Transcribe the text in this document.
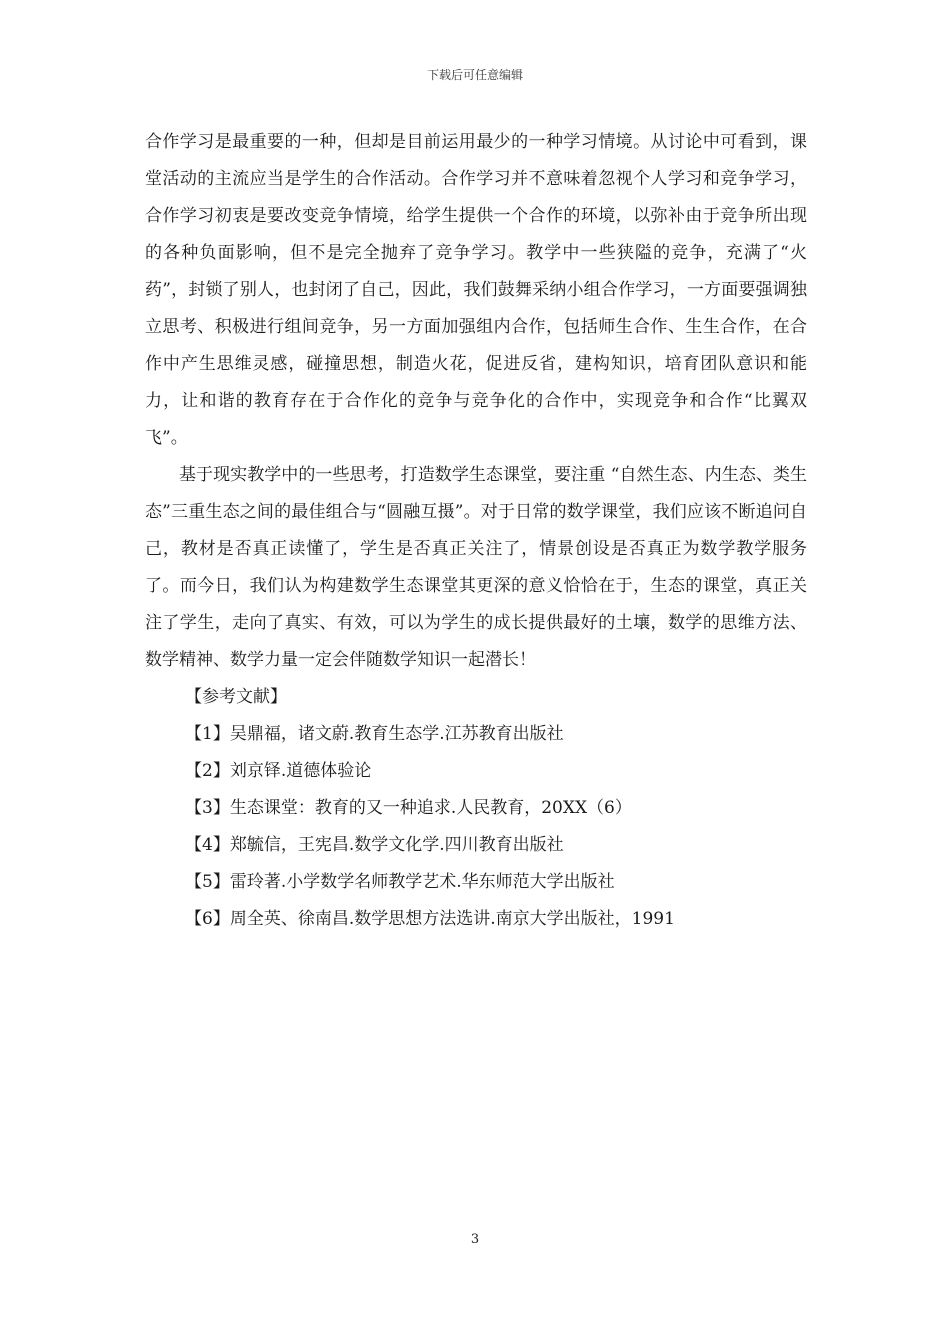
下载后可任意编辑

合作学习是最重要的一种，但却是目前运用最少的一种学习情境。从讨论中可看到，课堂活动的主流应当是学生的合作活动。合作学习并不意味着忽视个人学习和竞争学习，合作学习初衷是要改变竞争情境，给学生提供一个合作的环境，以弥补由于竞争所出现的各种负面影响，但不是完全抛弃了竞争学习。教学中一些狭隘的竞争，充满了“火药”，封锁了别人，也封闭了自己，因此，我们鼓舞采纳小组合作学习，一方面要强调独立思考、积极进行组间竞争，另一方面加强组内合作，包括师生合作、生生合作，在合作中产生思维灵感，碰撞思想，制造火花，促进反省，建构知识，培育团队意识和能力，让和谐的教育存在于合作化的竞争与竞争化的合作中，实现竞争和合作“比翼双飞”。

基于现实教学中的一些思考，打造数学生态课堂，要注重 “自然生态、内生态、类生态”三重生态之间的最佳组合与“圆融互摄”。对于日常的数学课堂，我们应该不断追问自己，教材是否真正读懂了，学生是否真正关注了，情景创设是否真正为数学教学服务了。而今日，我们认为构建数学生态课堂其更深的意义恰恰在于，生态的课堂，真正关注了学生，走向了真实、有效，可以为学生的成长提供最好的土壤，数学的思维方法、数学精神、数学力量一定会伴随数学知识一起潜长！

【参考文献】

【1】吴鼎福，诸文蔚.教育生态学.江苏教育出版社

【2】刘京铎.道德体验论

【3】生态课堂：教育的又一种追求.人民教育，20XX（6）

【4】郑毓信，王宪昌.数学文化学.四川教育出版社

【5】雷玲著.小学数学名师教学艺术.华东师范大学出版社

【6】周全英、徐南昌.数学思想方法选讲.南京大学出版社，1991

3
